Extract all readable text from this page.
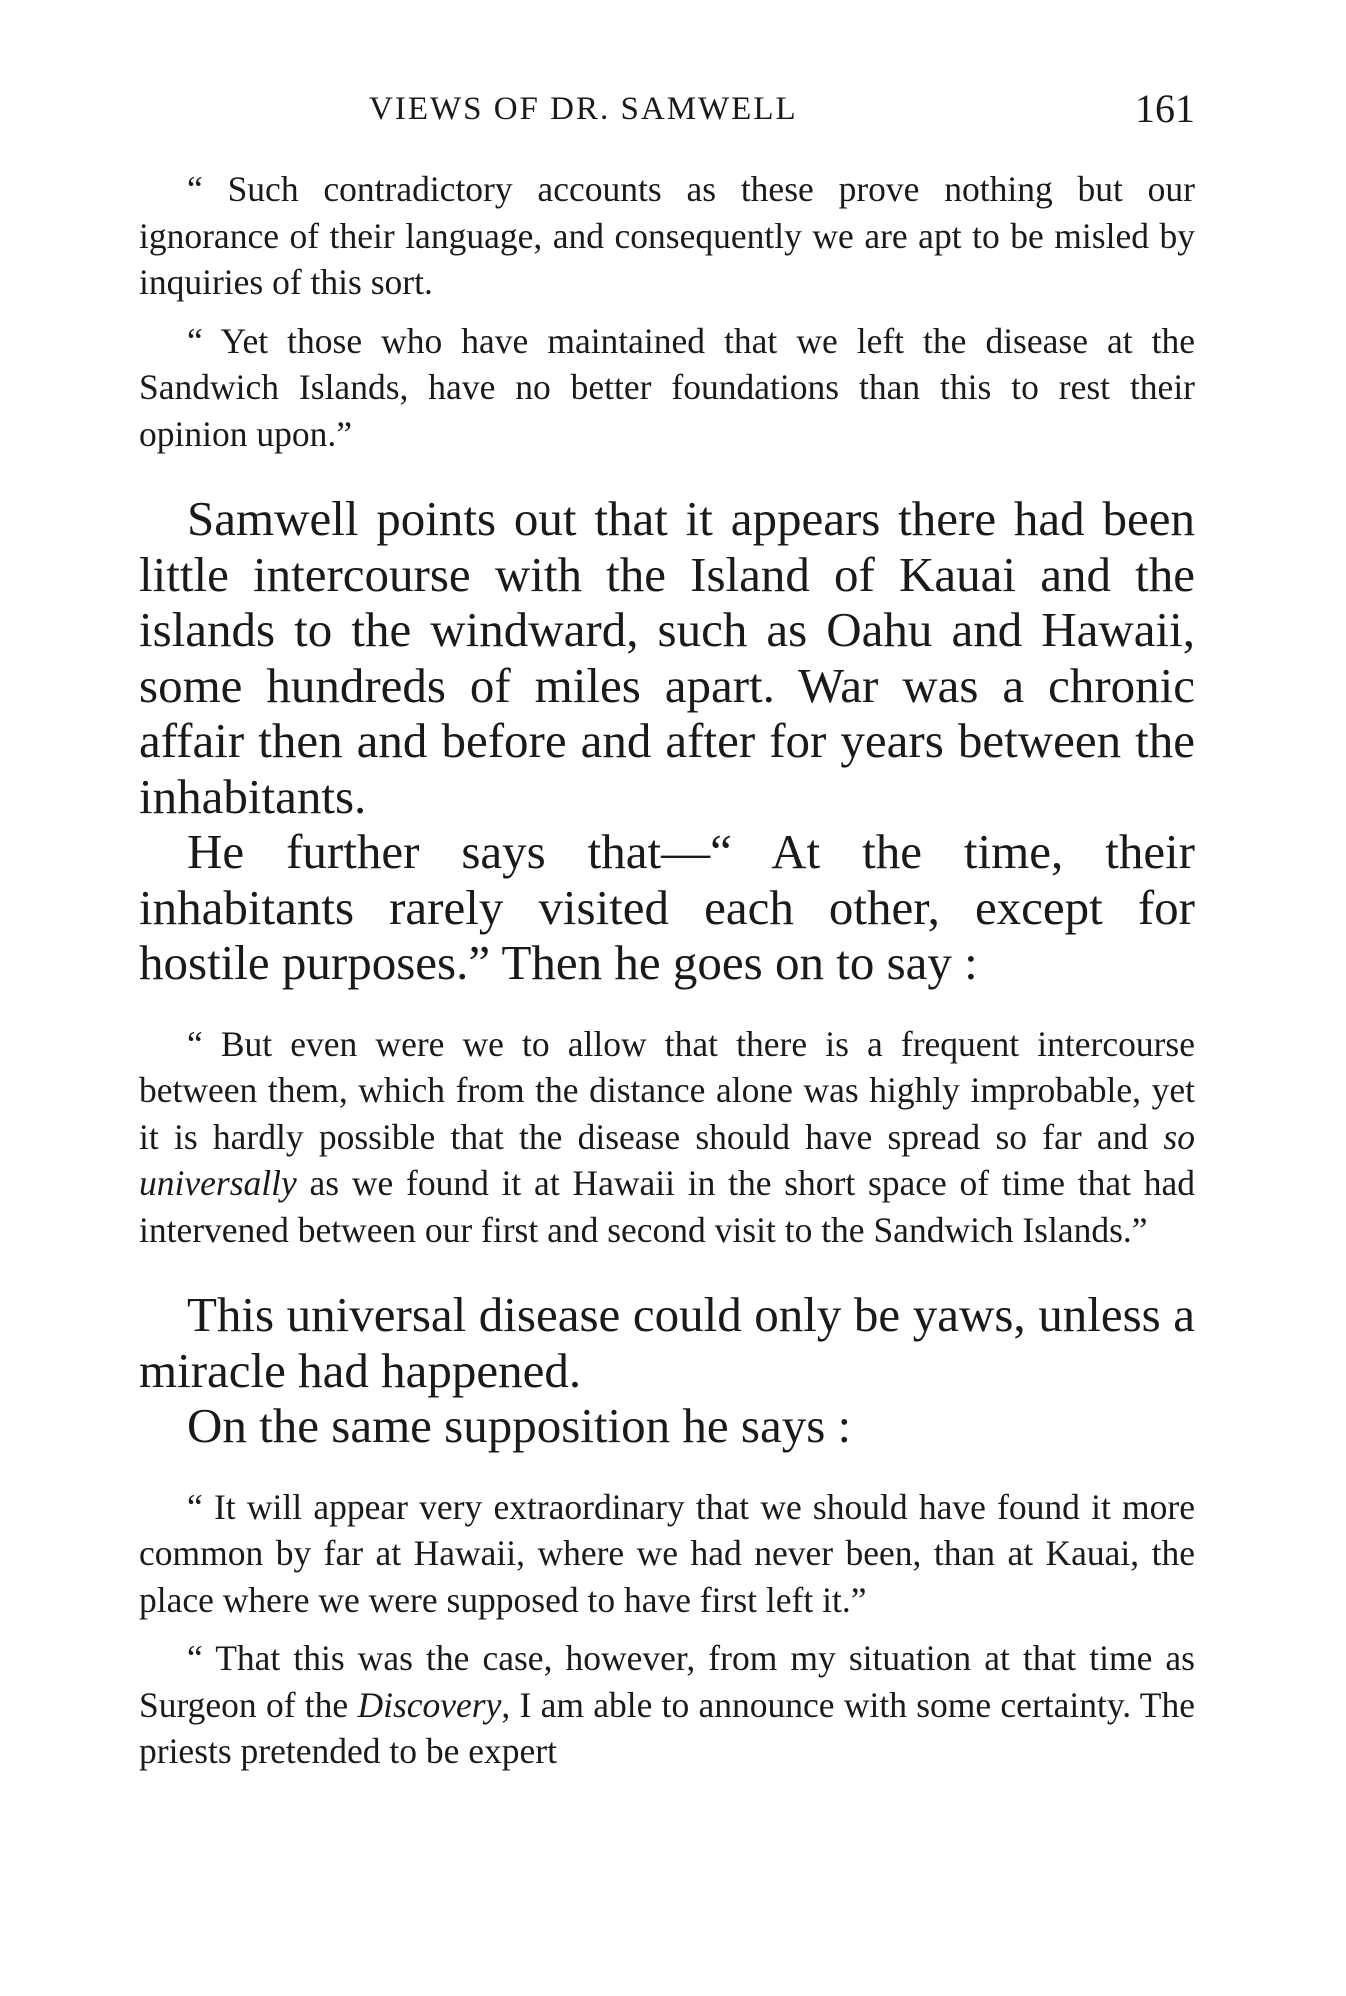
VIEWS OF DR. SAMWELL	161

“ Such contradictory accounts as these prove nothing but our ignorance of their language, and consequently we are apt to be misled by inquiries of this sort.

“ Yet those who have maintained that we left the disease at the Sandwich Islands, have no better foundations than this to rest their opinion upon.”

Samwell points out that it appears there had been little intercourse with the Island of Kauai and the islands to the windward, such as Oahu and Hawaii, some hundreds of miles apart. War was a chronic affair then and before and after for years between the inhabitants.

He further says that—“ At the time, their inhabitants rarely visited each other, except for hostile purposes.” Then he goes on to say :

“ But even were we to allow that there is a frequent intercourse between them, which from the distance alone was highly improbable, yet it is hardly possible that the disease should have spread so far and so universally as we found it at Hawaii in the short space of time that had intervened between our first and second visit to the Sandwich Islands.”

This universal disease could only be yaws, unless a miracle had happened.

On the same supposition he says :

“ It will appear very extraordinary that we should have found it more common by far at Hawaii, where we had never been, than at Kauai, the place where we were supposed to have first left it.”

“ That this was the case, however, from my situation at that time as Surgeon of the Discovery, I am able to announce with some certainty. The priests pretended to be expert
